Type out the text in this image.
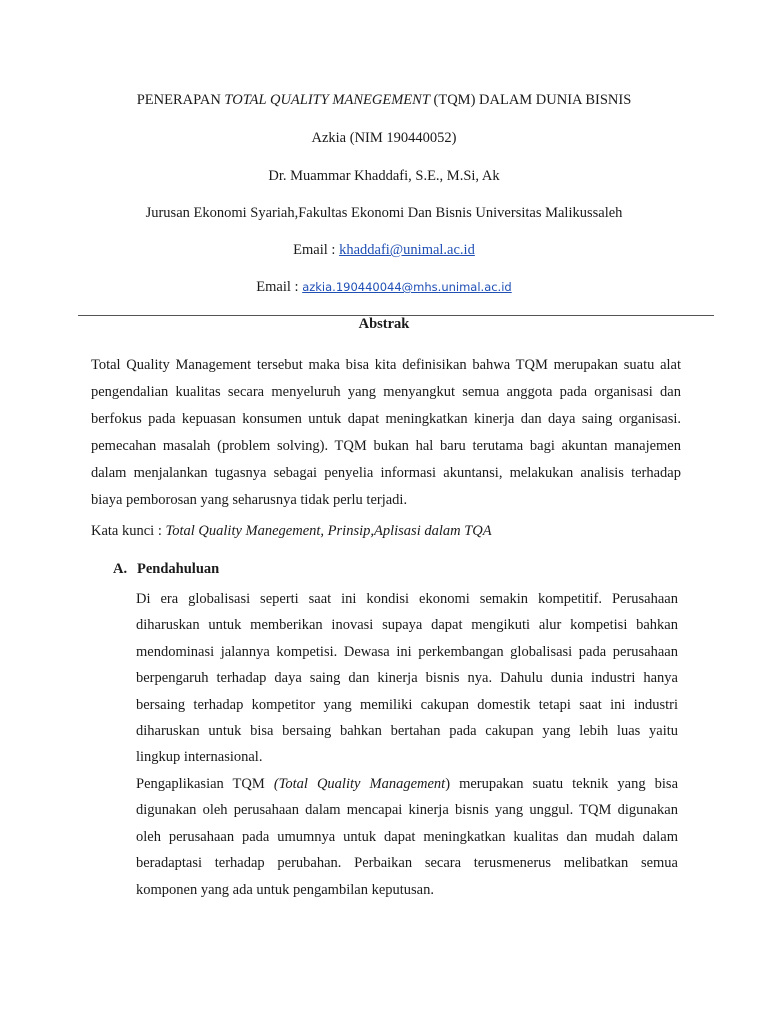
PENERAPAN TOTAL QUALITY MANEGEMENT (TQM) DALAM DUNIA BISNIS
Azkia (NIM 190440052)
Dr. Muammar Khaddafi, S.E., M.Si, Ak
Jurusan Ekonomi Syariah,Fakultas Ekonomi Dan Bisnis Universitas Malikussaleh
Email : khaddafi@unimal.ac.id
Email : azkia.190440044@mhs.unimal.ac.id
Abstrak
Total Quality Management tersebut maka bisa kita definisikan bahwa TQM merupakan suatu alat
pengendalian kualitas secara menyeluruh yang menyangkut semua anggota pada organisasi dan
berfokus pada kepuasan konsumen untuk dapat meningkatkan kinerja dan daya saing organisasi.
pemecahan masalah (problem solving). TQM bukan hal baru terutama bagi akuntan manajemen
dalam menjalankan tugasnya sebagai penyelia informasi akuntansi, melakukan analisis terhadap
biaya pemborosan yang seharusnya tidak perlu terjadi.
Kata kunci : Total Quality Manegement, Prinsip,Aplisasi dalam TQA
A. Pendahuluan
Di era globalisasi seperti saat ini kondisi ekonomi semakin kompetitif. Perusahaan
diharuskan untuk memberikan inovasi supaya dapat mengikuti alur kompetisi bahkan
mendominasi jalannya kompetisi. Dewasa ini perkembangan globalisasi pada perusahaan
berpengaruh terhadap daya saing dan kinerja bisnis nya. Dahulu dunia industri hanya
bersaing terhadap kompetitor yang memiliki cakupan domestik tetapi saat ini industri
diharuskan untuk bisa bersaing bahkan bertahan pada cakupan yang lebih luas yaitu
lingkup internasional.
Pengaplikasian TQM (Total Quality Management) merupakan suatu teknik yang bisa
digunakan oleh perusahaan dalam mencapai kinerja bisnis yang unggul. TQM digunakan
oleh perusahaan pada umumnya untuk dapat meningkatkan kualitas dan mudah dalam
beradaptasi terhadap perubahan. Perbaikan secara terusmenerus melibatkan semua
komponen yang ada untuk pengambilan keputusan.
